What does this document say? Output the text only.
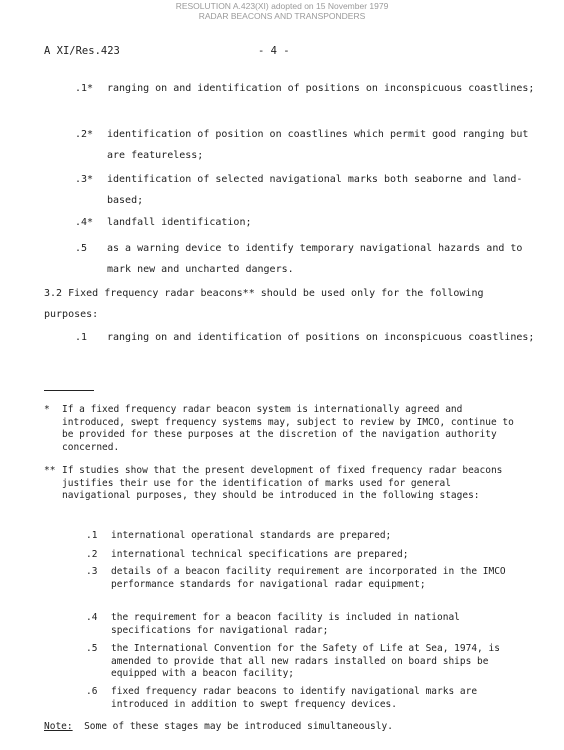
RESOLUTION A.423(XI) adopted on 15 November 1979
RADAR BEACONS AND TRANSPONDERS
A XI/Res.423	- 4 -
.1*	ranging on and identification of positions on inconspicuous coastlines;
.2*	identification of position on coastlines which permit good ranging but are featureless;
.3*	identification of selected navigational marks both seaborne and land-based;
.4*	landfall identification;
.5	as a warning device to identify temporary navigational hazards and to mark new and uncharted dangers.
3.2 Fixed frequency radar beacons** should be used only for the following purposes:
.1	ranging on and identification of positions on inconspicuous coastlines;
* If a fixed frequency radar beacon system is internationally agreed and introduced, swept frequency systems may, subject to review by IMCO, continue to be provided for these purposes at the discretion of the navigation authority concerned.
** If studies show that the present development of fixed frequency radar beacons justifies their use for the identification of marks used for general navigational purposes, they should be introduced in the following stages:
.1	international operational standards are prepared;
.2	international technical specifications are prepared;
.3	details of a beacon facility requirement are incorporated in the IMCO performance standards for navigational radar equipment;
.4	the requirement for a beacon facility is included in national specifications for navigational radar;
.5	the International Convention for the Safety of Life at Sea, 1974, is amended to provide that all new radars installed on board ships be equipped with a beacon facility;
.6	fixed frequency radar beacons to identify navigational marks are introduced in addition to swept frequency devices.
Note: Some of these stages may be introduced simultaneously.
